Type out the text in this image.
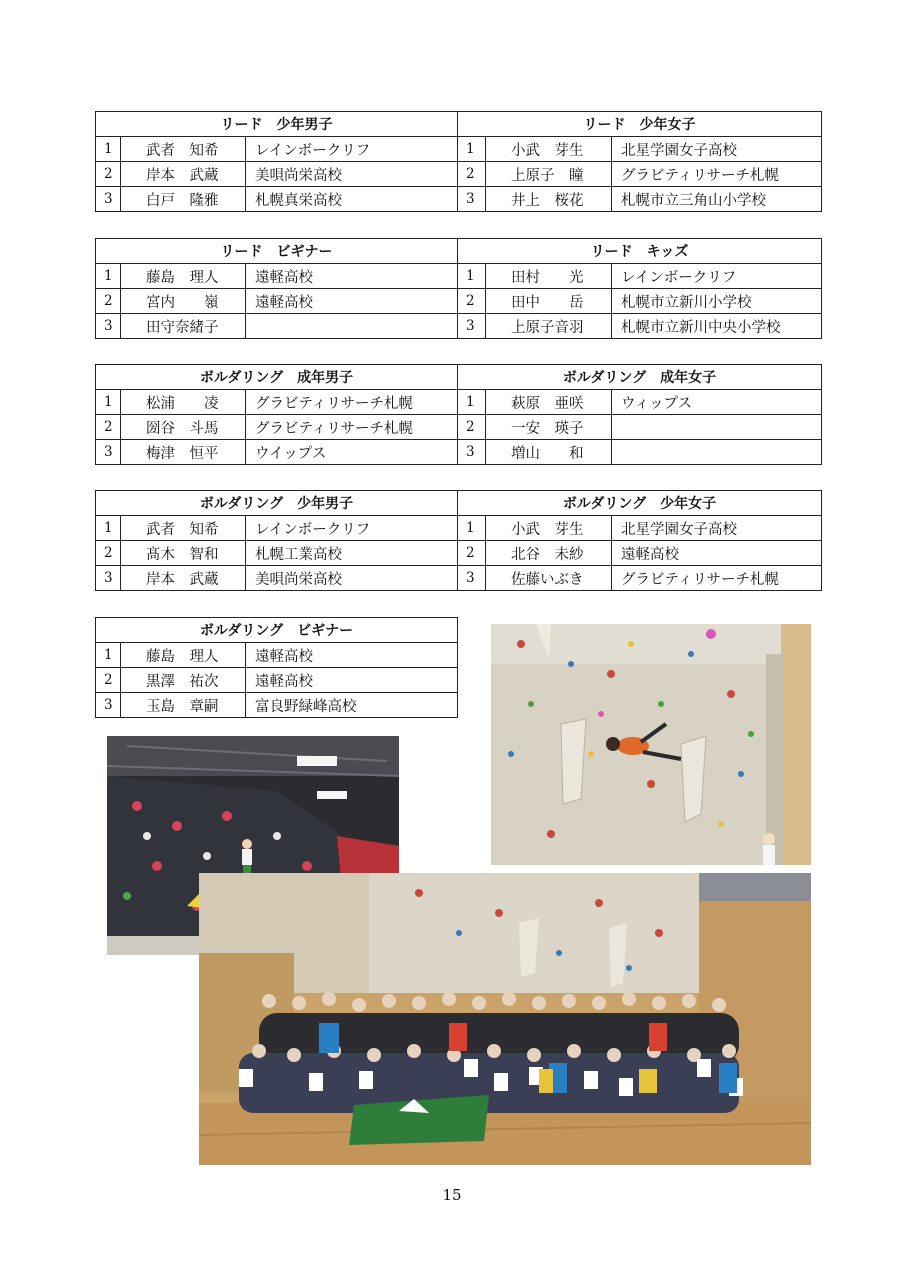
リード　少年男子		
1	武者　知希	レインボークリフ
2	岸本　武蔵	美唄尚栄高校
3	白戸　隆雅	札幌真栄高校
リード　少年女子		
1	小武　芽生	北星学園女子高校
2	上原子　瞳	グラビティリサーチ札幌
3	井上　桜花	札幌市立三角山小学校
リード　ビギナー		
1	藤島　理人	遠軽高校
2	宮内　　嶺	遠軽高校
3	田守奈緒子	
リード　キッズ		
1	田村　　光	レインボークリフ
2	田中　　岳	札幌市立新川小学校
3	上原子音羽	札幌市立新川中央小学校
ボルダリング　成年男子		
1	松浦　　凌	グラビティリサーチ札幌
2	圀谷　斗馬	グラビティリサーチ札幌
3	梅津　恒平	ウイップス
ボルダリング　成年女子		
1	萩原　亜咲	ウィップス
2	一安　瑛子	
3	増山　　和	
ボルダリング　少年男子		
1	武者　知希	レインボークリフ
2	髙木　智和	札幌工業高校
3	岸本　武蔵	美唄尚栄高校
ボルダリング　少年女子		
1	小武　芽生	北星学園女子高校
2	北谷　未紗	遠軽高校
3	佐藤いぶき	グラビティリサーチ札幌
ボルダリング　ビギナー		
1	藤島　理人	遠軽高校
2	黒澤　祐次	遠軽高校
3	玉島　章嗣	富良野緑峰高校
15
